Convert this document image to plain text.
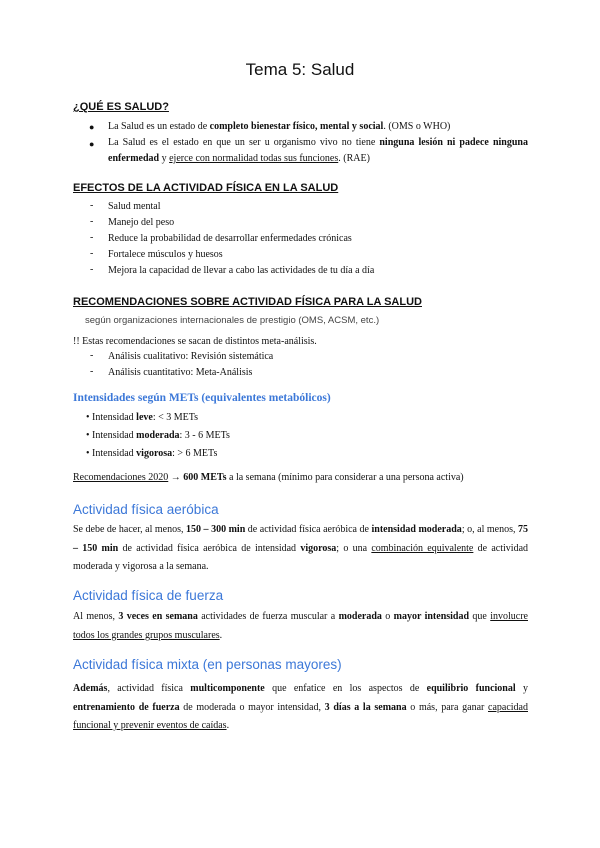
Tema 5: Salud
¿QUÉ ES SALUD?
● La Salud es un estado de completo bienestar físico, mental y social. (OMS o WHO)
● La Salud es el estado en que un ser u organismo vivo no tiene ninguna lesión ni padece ninguna enfermedad y ejerce con normalidad todas sus funciones. (RAE)
EFECTOS DE LA ACTIVIDAD FÍSICA EN LA SALUD
- Salud mental
- Manejo del peso
- Reduce la probabilidad de desarrollar enfermedades crónicas
- Fortalece músculos y huesos
- Mejora la capacidad de llevar a cabo las actividades de tu día a día
RECOMENDACIONES SOBRE ACTIVIDAD FÍSICA PARA LA SALUD
según organizaciones internacionales de prestigio (OMS, ACSM, etc.)
!! Estas recomendaciones se sacan de distintos meta-análisis.
- Análisis cualitativo: Revisión sistemática
- Análisis cuantitativo: Meta-Análisis
Intensidades según METs (equivalentes metabólicos)
• Intensidad leve: < 3 METs
• Intensidad moderada: 3 - 6 METs
• Intensidad vigorosa: > 6 METs
Recomendaciones 2020 → 600 METs a la semana (mínimo para considerar a una persona activa)
Actividad física aeróbica
Se debe de hacer, al menos, 150 – 300 min de actividad física aeróbica de intensidad moderada; o, al menos, 75 – 150 min de actividad física aeróbica de intensidad vigorosa; o una combinación equivalente de actividad moderada y vigorosa a la semana.
Actividad física de fuerza
Al menos, 3 veces en semana actividades de fuerza muscular a moderada o mayor intensidad que involucre todos los grandes grupos musculares.
Actividad física mixta (en personas mayores)
Además, actividad física multicomponente que enfatice en los aspectos de equilibrio funcional y entrenamiento de fuerza de moderada o mayor intensidad, 3 días a la semana o más, para ganar capacidad funcional y prevenir eventos de caídas.
